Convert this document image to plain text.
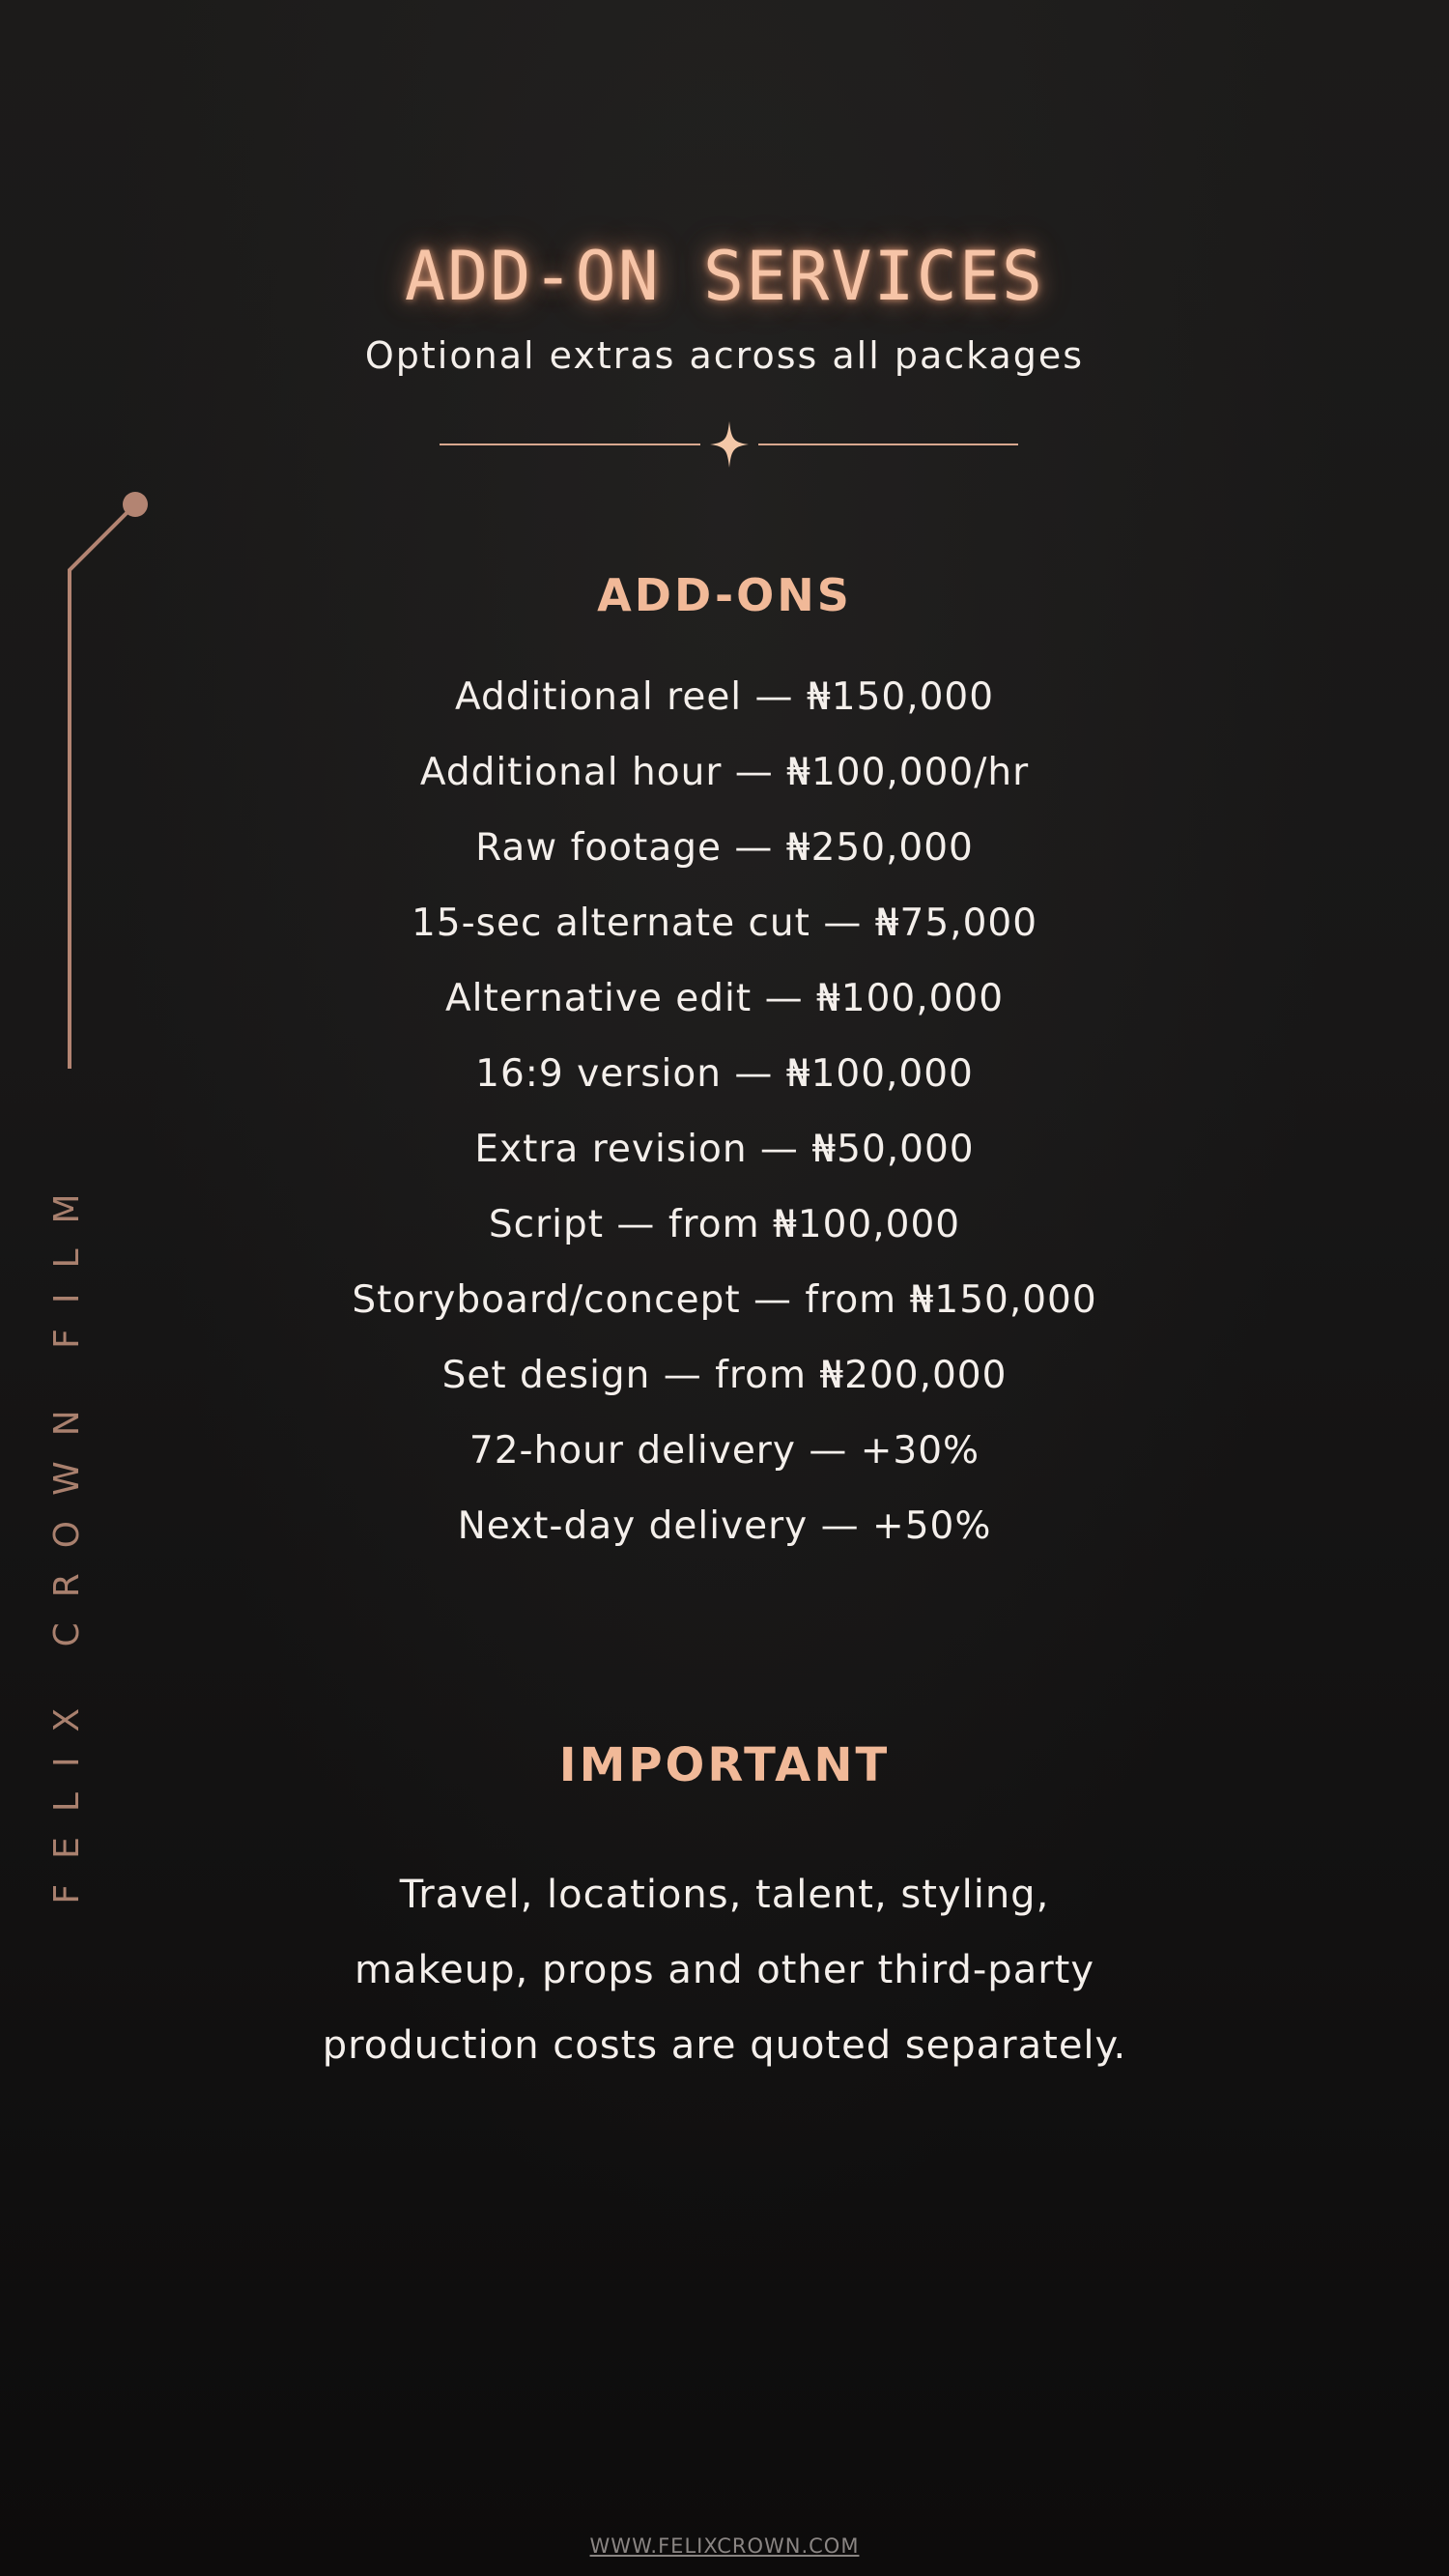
ADD-ON SERVICES
Optional extras across all packages
FELIX CROWN FILM
ADD-ONS
Additional reel — ₦150,000
Additional hour — ₦100,000/hr
Raw footage — ₦250,000
15-sec alternate cut — ₦75,000
Alternative edit — ₦100,000
16:9 version — ₦100,000
Extra revision — ₦50,000
Script — from ₦100,000
Storyboard/concept — from ₦150,000
Set design — from ₦200,000
72-hour delivery — +30%
Next-day delivery — +50%
IMPORTANT
Travel, locations, talent, styling,
makeup, props and other third-party
production costs are quoted separately.
WWW.FELIXCROWN.COM
